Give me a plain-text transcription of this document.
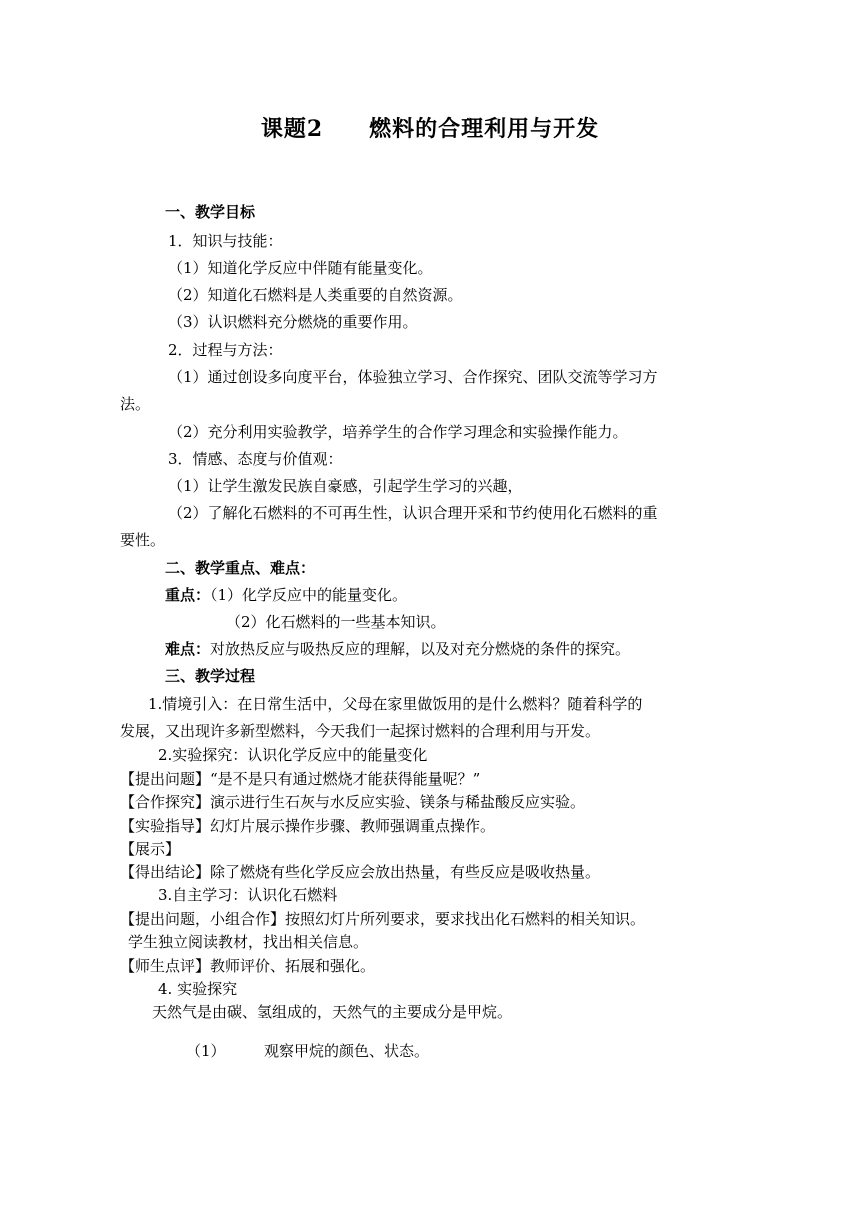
课题2　　燃料的合理利用与开发
一、教学目标
1．知识与技能：
（1）知道化学反应中伴随有能量变化。
（2）知道化石燃料是人类重要的自然资源。
（3）认识燃料充分燃烧的重要作用。
2．过程与方法：
（1）通过创设多向度平台，体验独立学习、合作探究、团队交流等学习方
法。
（2）充分利用实验教学，培养学生的合作学习理念和实验操作能力。
3．情感、态度与价值观：
（1）让学生激发民族自豪感，引起学生学习的兴趣，
（2）了解化石燃料的不可再生性，认识合理开采和节约使用化石燃料的重
要性。
二、教学重点、难点：
重点：（1）化学反应中的能量变化。
（2）化石燃料的一些基本知识。
难点：对放热反应与吸热反应的理解，以及对充分燃烧的条件的探究。
三、教学过程
1.情境引入：在日常生活中，父母在家里做饭用的是什么燃料？随着科学的
发展，又出现许多新型燃料，今天我们一起探讨燃料的合理利用与开发。
2.实验探究：认识化学反应中的能量变化
【提出问题】“是不是只有通过燃烧才能获得能量呢？”
【合作探究】演示进行生石灰与水反应实验、镁条与稀盐酸反应实验。
【实验指导】幻灯片展示操作步骤、教师强调重点操作。
【展示】
【得出结论】除了燃烧有些化学反应会放出热量，有些反应是吸收热量。
3.自主学习：认识化石燃料
【提出问题，小组合作】按照幻灯片所列要求，要求找出化石燃料的相关知识。
学生独立阅读教材，找出相关信息。
【师生点评】教师评价、拓展和强化。
4. 实验探究
天然气是由碳、氢组成的，天然气的主要成分是甲烷。
（1）	观察甲烷的颜色、状态。
